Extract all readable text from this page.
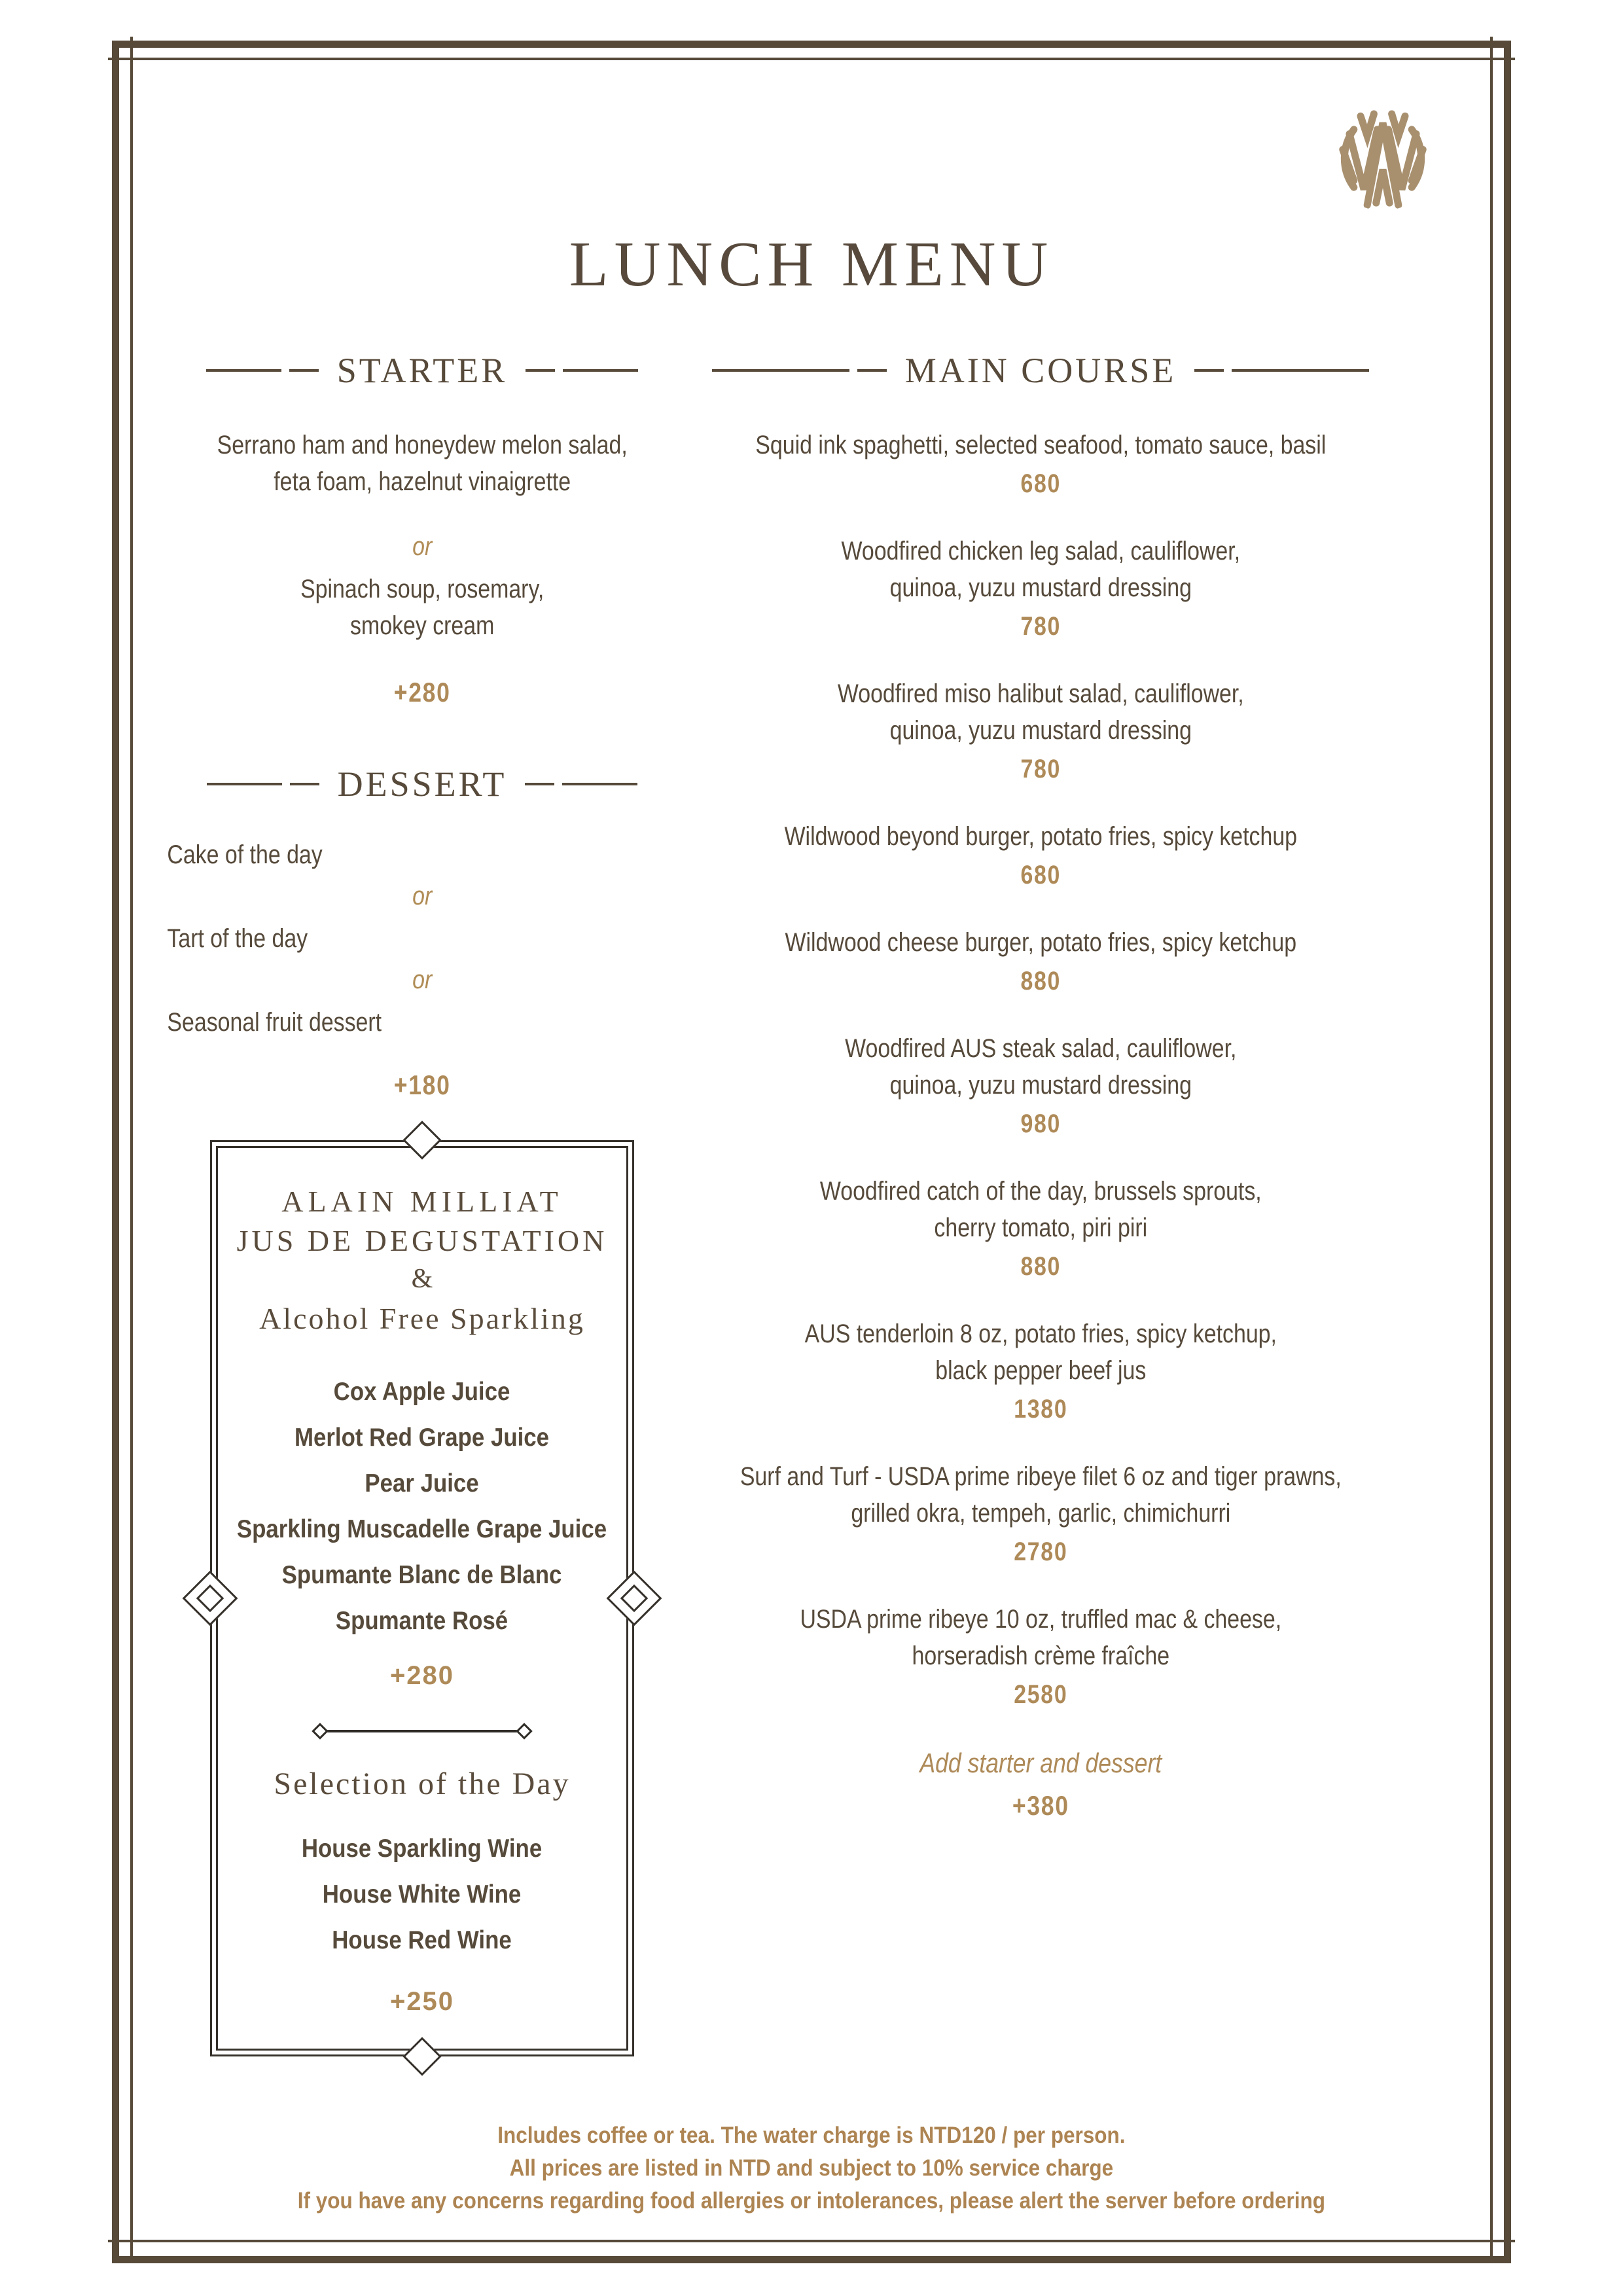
LUNCH MENU
STARTER
Serrano ham and honeydew melon salad,
feta foam, hazelnut vinaigrette
or
Spinach soup, rosemary,
smokey cream
+280
DESSERT
Cake of the day
or
Tart of the day
or
Seasonal fruit dessert
+180
ALAIN MILLIAT
JUS DE DEGUSTATION
&
Alcohol Free Sparkling
Cox Apple Juice
Merlot Red Grape Juice
Pear Juice
Sparkling Muscadelle Grape Juice
Spumante Blanc de Blanc
Spumante Rosé
+280
Selection of the Day
House Sparkling Wine
House White Wine
House Red Wine
+250
MAIN COURSE
Squid ink spaghetti, selected seafood, tomato sauce, basil
680
Woodfired chicken leg salad, cauliflower,
quinoa, yuzu mustard dressing
780
Woodfired miso halibut salad, cauliflower,
quinoa, yuzu mustard dressing
780
Wildwood beyond burger, potato fries, spicy ketchup
680
Wildwood cheese burger, potato fries, spicy ketchup
880
Woodfired AUS steak salad, cauliflower,
quinoa, yuzu mustard dressing
980
Woodfired catch of the day, brussels sprouts,
cherry tomato, piri piri
880
AUS tenderloin 8 oz, potato fries, spicy ketchup,
black pepper beef jus
1380
Surf and Turf - USDA prime ribeye filet 6 oz and tiger prawns,
grilled okra, tempeh, garlic, chimichurri
2780
USDA prime ribeye 10 oz, truffled mac & cheese,
horseradish crème fraîche
2580
Add starter and dessert
+380
Includes coffee or tea. The water charge is NTD120 / per person.
All prices are listed in NTD and subject to 10% service charge
If you have any concerns regarding food allergies or intolerances, please alert the server before ordering
